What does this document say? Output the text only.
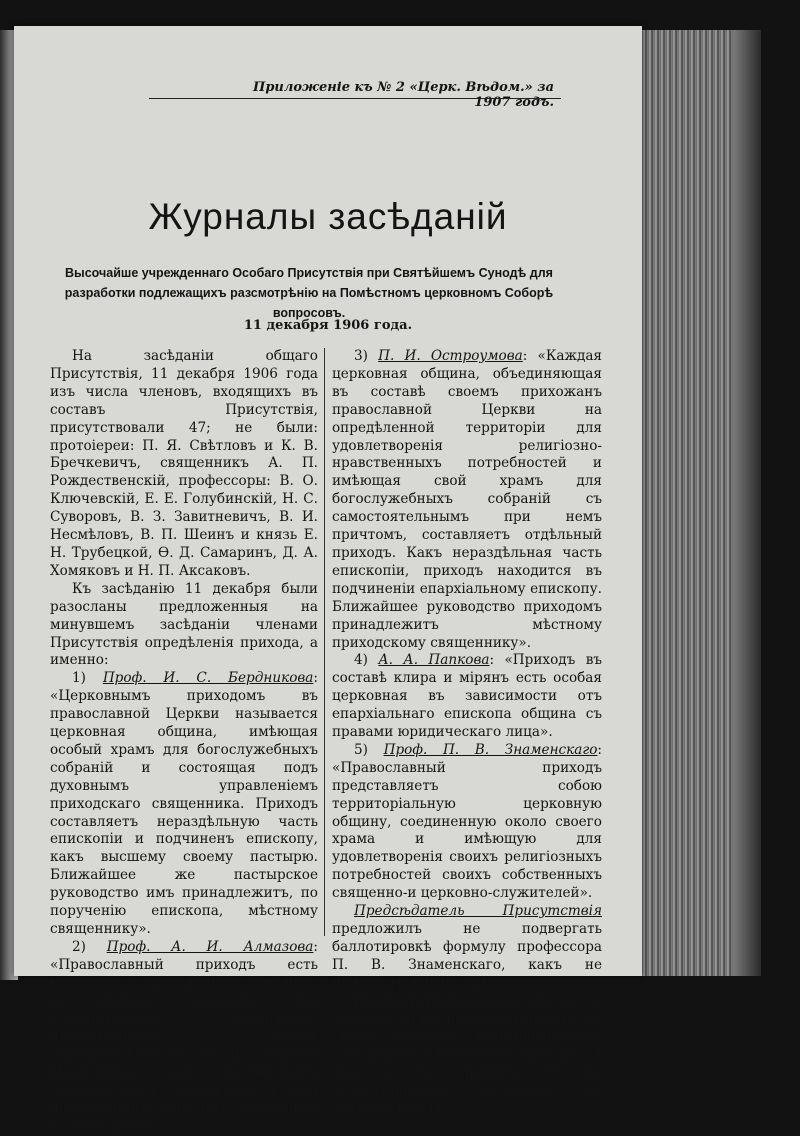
Приложеніе къ № 2 «Церк. Вѣдом.» за 1907 годъ.
Журналы засѣданій
Высочайше учрежденнаго Особаго Присутствія при Святѣйшемъ Сунодѣ для разработки подлежащихъ разсмотрѣнію на Помѣстномъ церковномъ Соборѣ вопросовъ.
11 декабря 1906 года.

На засѣданіи общаго Присутствія, 11 декабря 1906 года изъ числа членовъ, входящихъ въ составъ Присутствія, присутствовали 47; не были: протоіереи: П. Я. Свѣтловъ и К. В. Бречкевичъ, священникъ А. П. Рождественскій, профессоры: В. О. Ключевскій, Е. Е. Голубинскій, Н. С. Суворовъ, В. З. Завитневичъ, В. И. Несмѣловъ, В. П. Шеинъ и князь Е. Н. Трубецкой, Ѳ. Д. Самаринъ, Д. А. Хомяковъ и Н. П. Аксаковъ.

Къ засѣданію 11 декабря были разосланы предложенныя на минувшемъ засѣданіи членами Присутствія опредѣленія прихода, а именно:

1) Проф. И. С. Бердникова: «Церковнымъ приходомъ въ православной Церкви называется церковная община, имѣющая особый храмъ для богослужебныхъ собраній и состоящая подъ духовнымъ управленіемъ приходскаго священника. Приходъ составляетъ нераздѣльную часть епископіи и подчиненъ епископу, какъ высшему своему пастырю. Ближайшее же пастырское руководство имъ принадлежитъ, по порученію епископа, мѣстному священнику».

2) Проф. А. И. Алмазова: «Православный приходъ есть церковное учрежденіе, состоящее въ вѣдѣніи епископа, для удовлетворенія религіозно-нравственныхъ нуждъ опредѣленнаго въ числѣ собранія вѣрующихъ, подъ пастырскимъ руководствомъ священника и при назначенномъ для того церковною властію храмѣ».

3) П. И. Остроумова: «Каждая церковная община, объединяющая въ составѣ своемъ прихожанъ православной Церкви на опредѣленной территоріи для удовлетворенія религіозно-нравственныхъ потребностей и имѣющая свой храмъ для богослужебныхъ собраній съ самостоятельнымъ при немъ причтомъ, составляетъ отдѣльный приходъ. Какъ нераздѣльная часть епископіи, приходъ находится въ подчиненіи епархіальному епископу. Ближайшее руководство приходомъ принадлежитъ мѣстному приходскому священнику».

4) А. А. Папкова: «Приходъ въ составѣ клира и мірянъ есть особая церковная въ зависимости отъ епархіальнаго епископа община съ правами юридическаго лица».

5) Проф. П. В. Знаменскаго: «Православный приходъ представляетъ собою территоріальную церковную общину, соединенную около своего храма и имѣющую для удовлетворенія своихъ религіозныхъ потребностей своихъ собственныхъ священно-и церковно-служителей».

Предсѣдатель Присутствія предложилъ не подвергать баллотировкѣ формулу профессора П. В. Знаменскаго, какъ не присутствующаго здѣсь.

Проф. А. И. Алмазовъ: Желая съ большею отчетливостью выразить въ своей формулѣ взаимоотношеніе составныхъ элементовъ прихода, я просилъ бы принять ее къ баллотированію нѣсколько въ другомъ текстѣ,
